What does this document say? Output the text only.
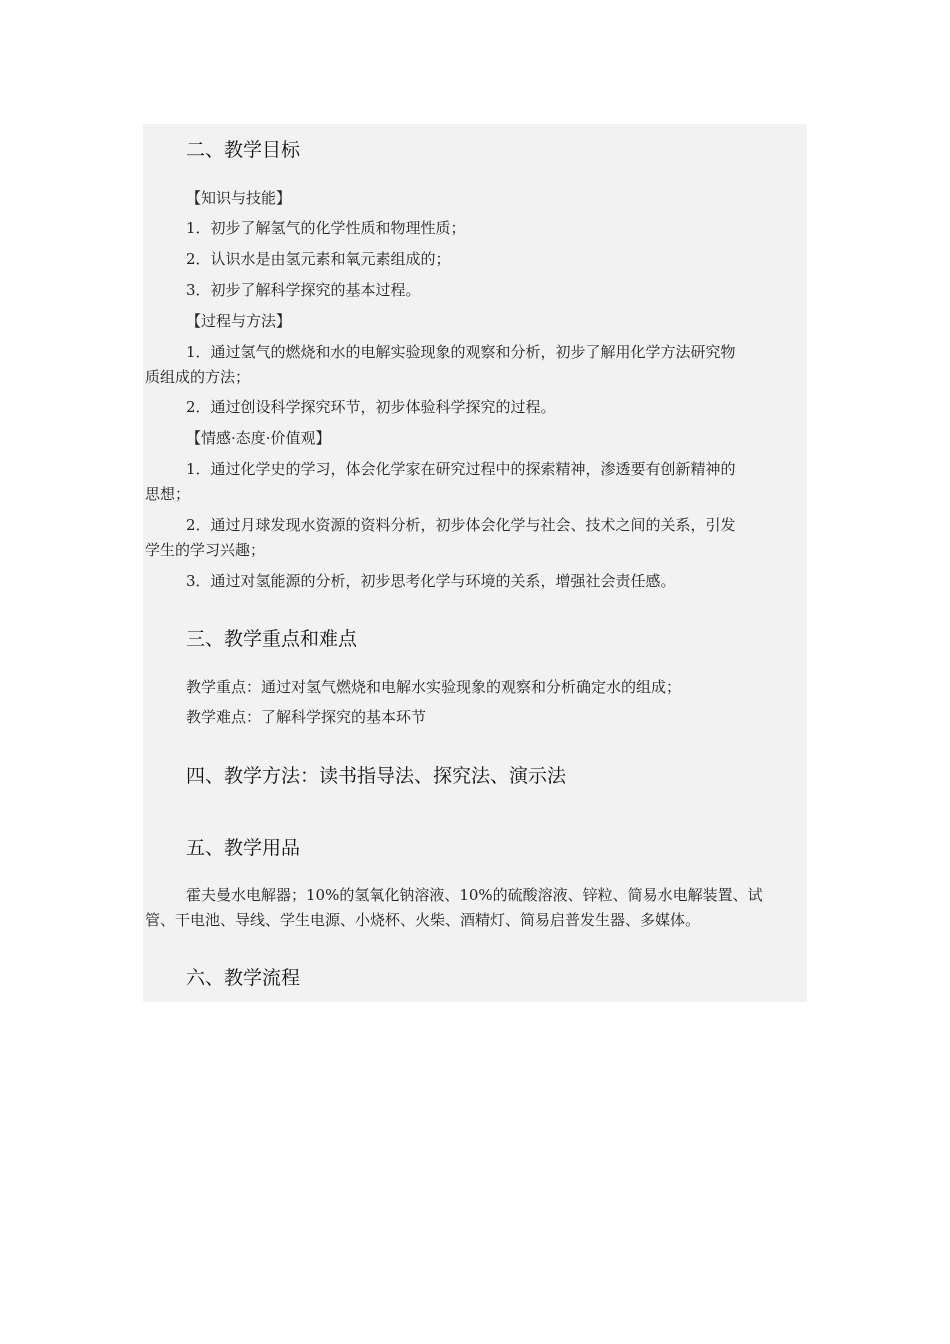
二、教学目标
【知识与技能】
1．初步了解氢气的化学性质和物理性质；
2．认识水是由氢元素和氧元素组成的；
3．初步了解科学探究的基本过程。
【过程与方法】
1．通过氢气的燃烧和水的电解实验现象的观察和分析，初步了解用化学方法研究物
质组成的方法；
2．通过创设科学探究环节，初步体验科学探究的过程。
【情感·态度·价值观】
1．通过化学史的学习，体会化学家在研究过程中的探索精神，渗透要有创新精神的
思想；
2．通过月球发现水资源的资料分析，初步体会化学与社会、技术之间的关系，引发
学生的学习兴趣；
3．通过对氢能源的分析，初步思考化学与环境的关系，增强社会责任感。
三、教学重点和难点
教学重点：通过对氢气燃烧和电解水实验现象的观察和分析确定水的组成；
教学难点：了解科学探究的基本环节
四、教学方法：读书指导法、探究法、演示法
五、教学用品
霍夫曼水电解器；10%的氢氧化钠溶液、10%的硫酸溶液、锌粒、简易水电解装置、试
管、干电池、导线、学生电源、小烧杯、火柴、酒精灯、简易启普发生器、多媒体。
六、教学流程
